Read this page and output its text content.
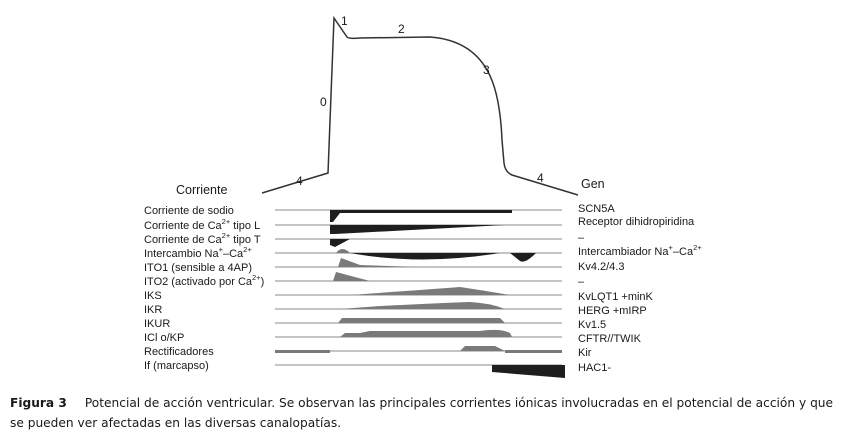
0
1
2
3
4	4
Corriente	Gen
Corriente de sodio
Corriente de $Ca^{2+}$ tipo L
Corriente de $Ca^{2+}$ tipo T
Intercambio $Na^+-Ca^{2+}$
ITO1 (sensible a 4AP)
ITO2 (activado por $Ca^{2+}$)
IKS
IKR
IKUR
ICl o/KP
Rectificadores
If (marcapso)
SCN5A
Receptor dihidropiridina
–
Intercambiador $Na^+-Ca^{2+}$
Kv4.2/4.3
–
KvLQT1 +minK
HERG +mIRP
Kv1.5
CFTR//TWIK
Kir
HAC1-
Figura 3 Potencial de acción ventricular. Se observan las principales corrientes iónicas involucradas en el potencial de acción y que se pueden ver afectadas en las diversas canalopatías.
